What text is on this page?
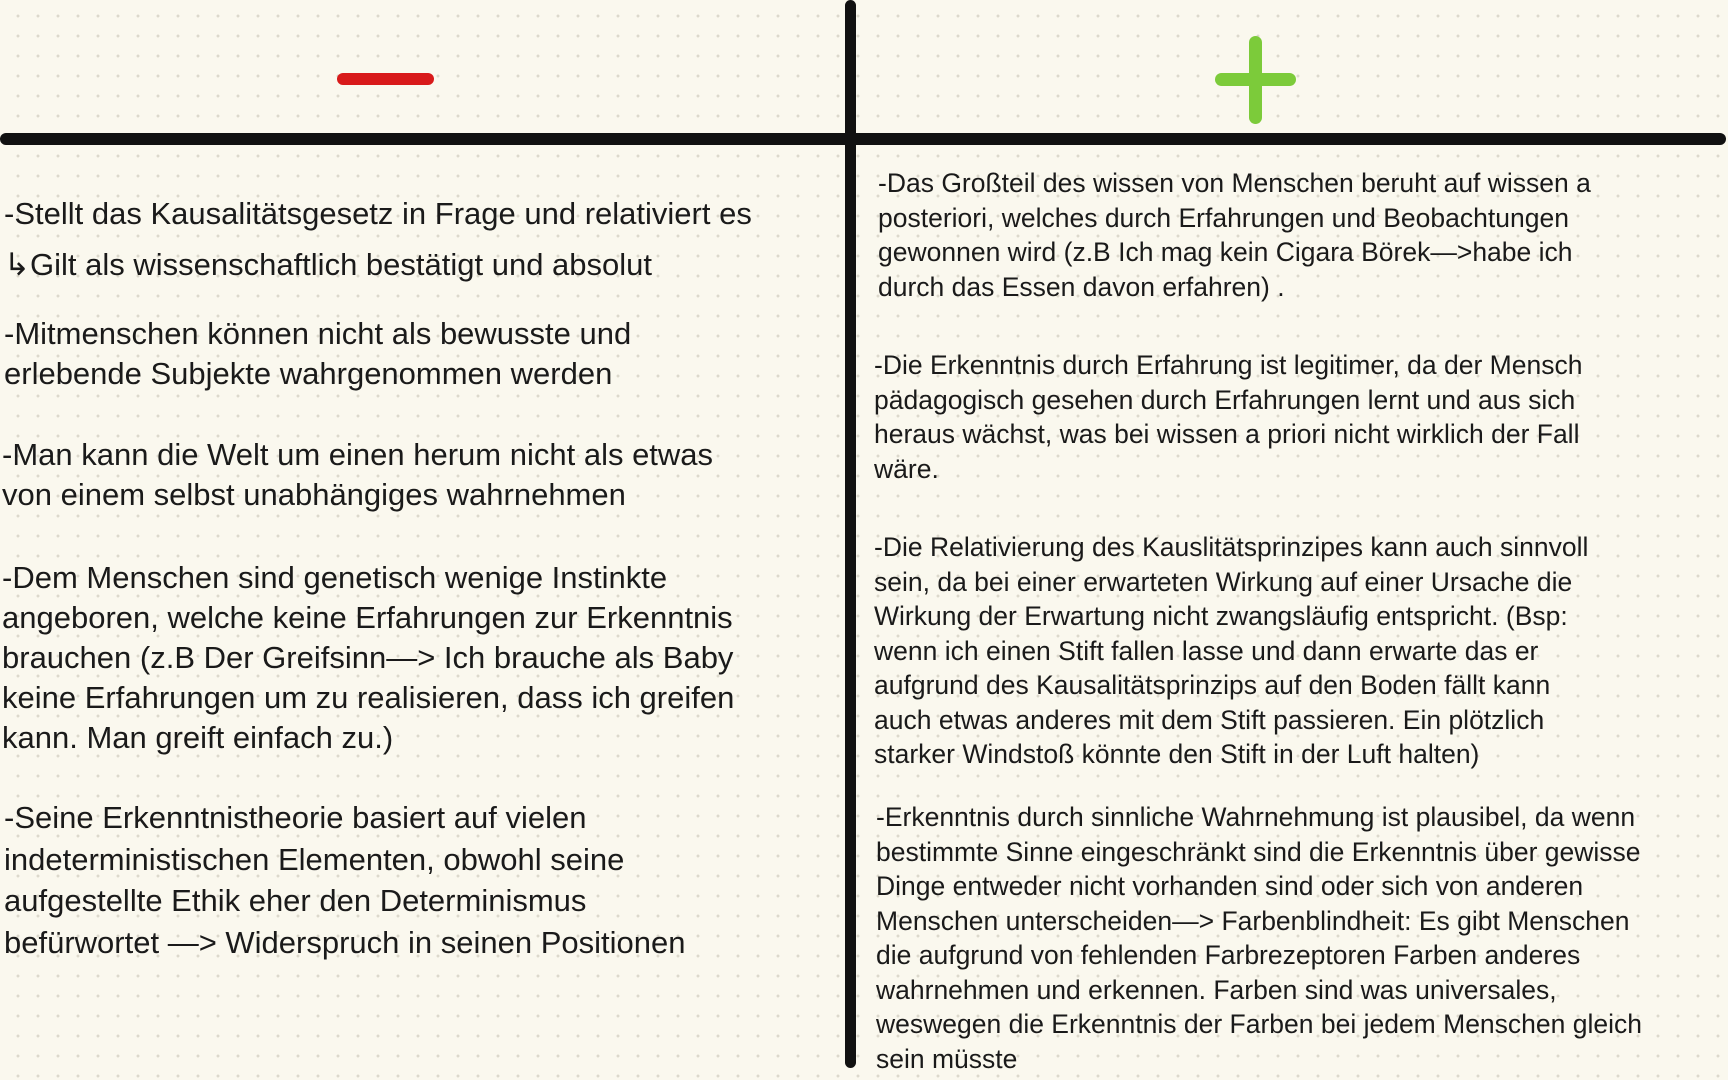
-Stellt das Kausalitätsgesetz in Frage und relativiert es

↳Gilt als wissenschaftlich bestätigt und absolut

-Mitmenschen können nicht als bewusste und
erlebende Subjekte wahrgenommen werden

-Man kann die Welt um einen herum nicht als etwas
von einem selbst unabhängiges wahrnehmen

-Dem Menschen sind genetisch wenige Instinkte
angeboren, welche keine Erfahrungen zur Erkenntnis
brauchen (z.B Der Greifsinn—> Ich brauche als Baby
keine Erfahrungen um zu realisieren, dass ich greifen
kann. Man greift einfach zu.)

-Seine Erkenntnistheorie basiert auf vielen
indeterministischen Elementen, obwohl seine
aufgestellte Ethik eher den Determinismus
befürwortet —> Widerspruch in seinen Positionen

-Das Großteil des wissen von Menschen beruht auf wissen a
posteriori, welches durch Erfahrungen und Beobachtungen
gewonnen wird (z.B Ich mag kein Cigara Börek—>habe ich
durch das Essen davon erfahren) .

-Die Erkenntnis durch Erfahrung ist legitimer, da der Mensch
pädagogisch gesehen durch Erfahrungen lernt und aus sich
heraus wächst, was bei wissen a priori nicht wirklich der Fall
wäre.

-Die Relativierung des Kauslitätsprinzipes kann auch sinnvoll
sein, da bei einer erwarteten Wirkung auf einer Ursache die
Wirkung der Erwartung nicht zwangsläufig entspricht. (Bsp:
wenn ich einen Stift fallen lasse und dann erwarte das er
aufgrund des Kausalitätsprinzips auf den Boden fällt kann
auch etwas anderes mit dem Stift passieren. Ein plötzlich
starker Windstoß könnte den Stift in der Luft halten)

-Erkenntnis durch sinnliche Wahrnehmung ist plausibel, da wenn
bestimmte Sinne eingeschränkt sind die Erkenntnis über gewisse
Dinge entweder nicht vorhanden sind oder sich von anderen
Menschen unterscheiden—> Farbenblindheit: Es gibt Menschen
die aufgrund von fehlenden Farbrezeptoren Farben anderes
wahrnehmen und erkennen. Farben sind was universales,
weswegen die Erkenntnis der Farben bei jedem Menschen gleich
sein müsste
